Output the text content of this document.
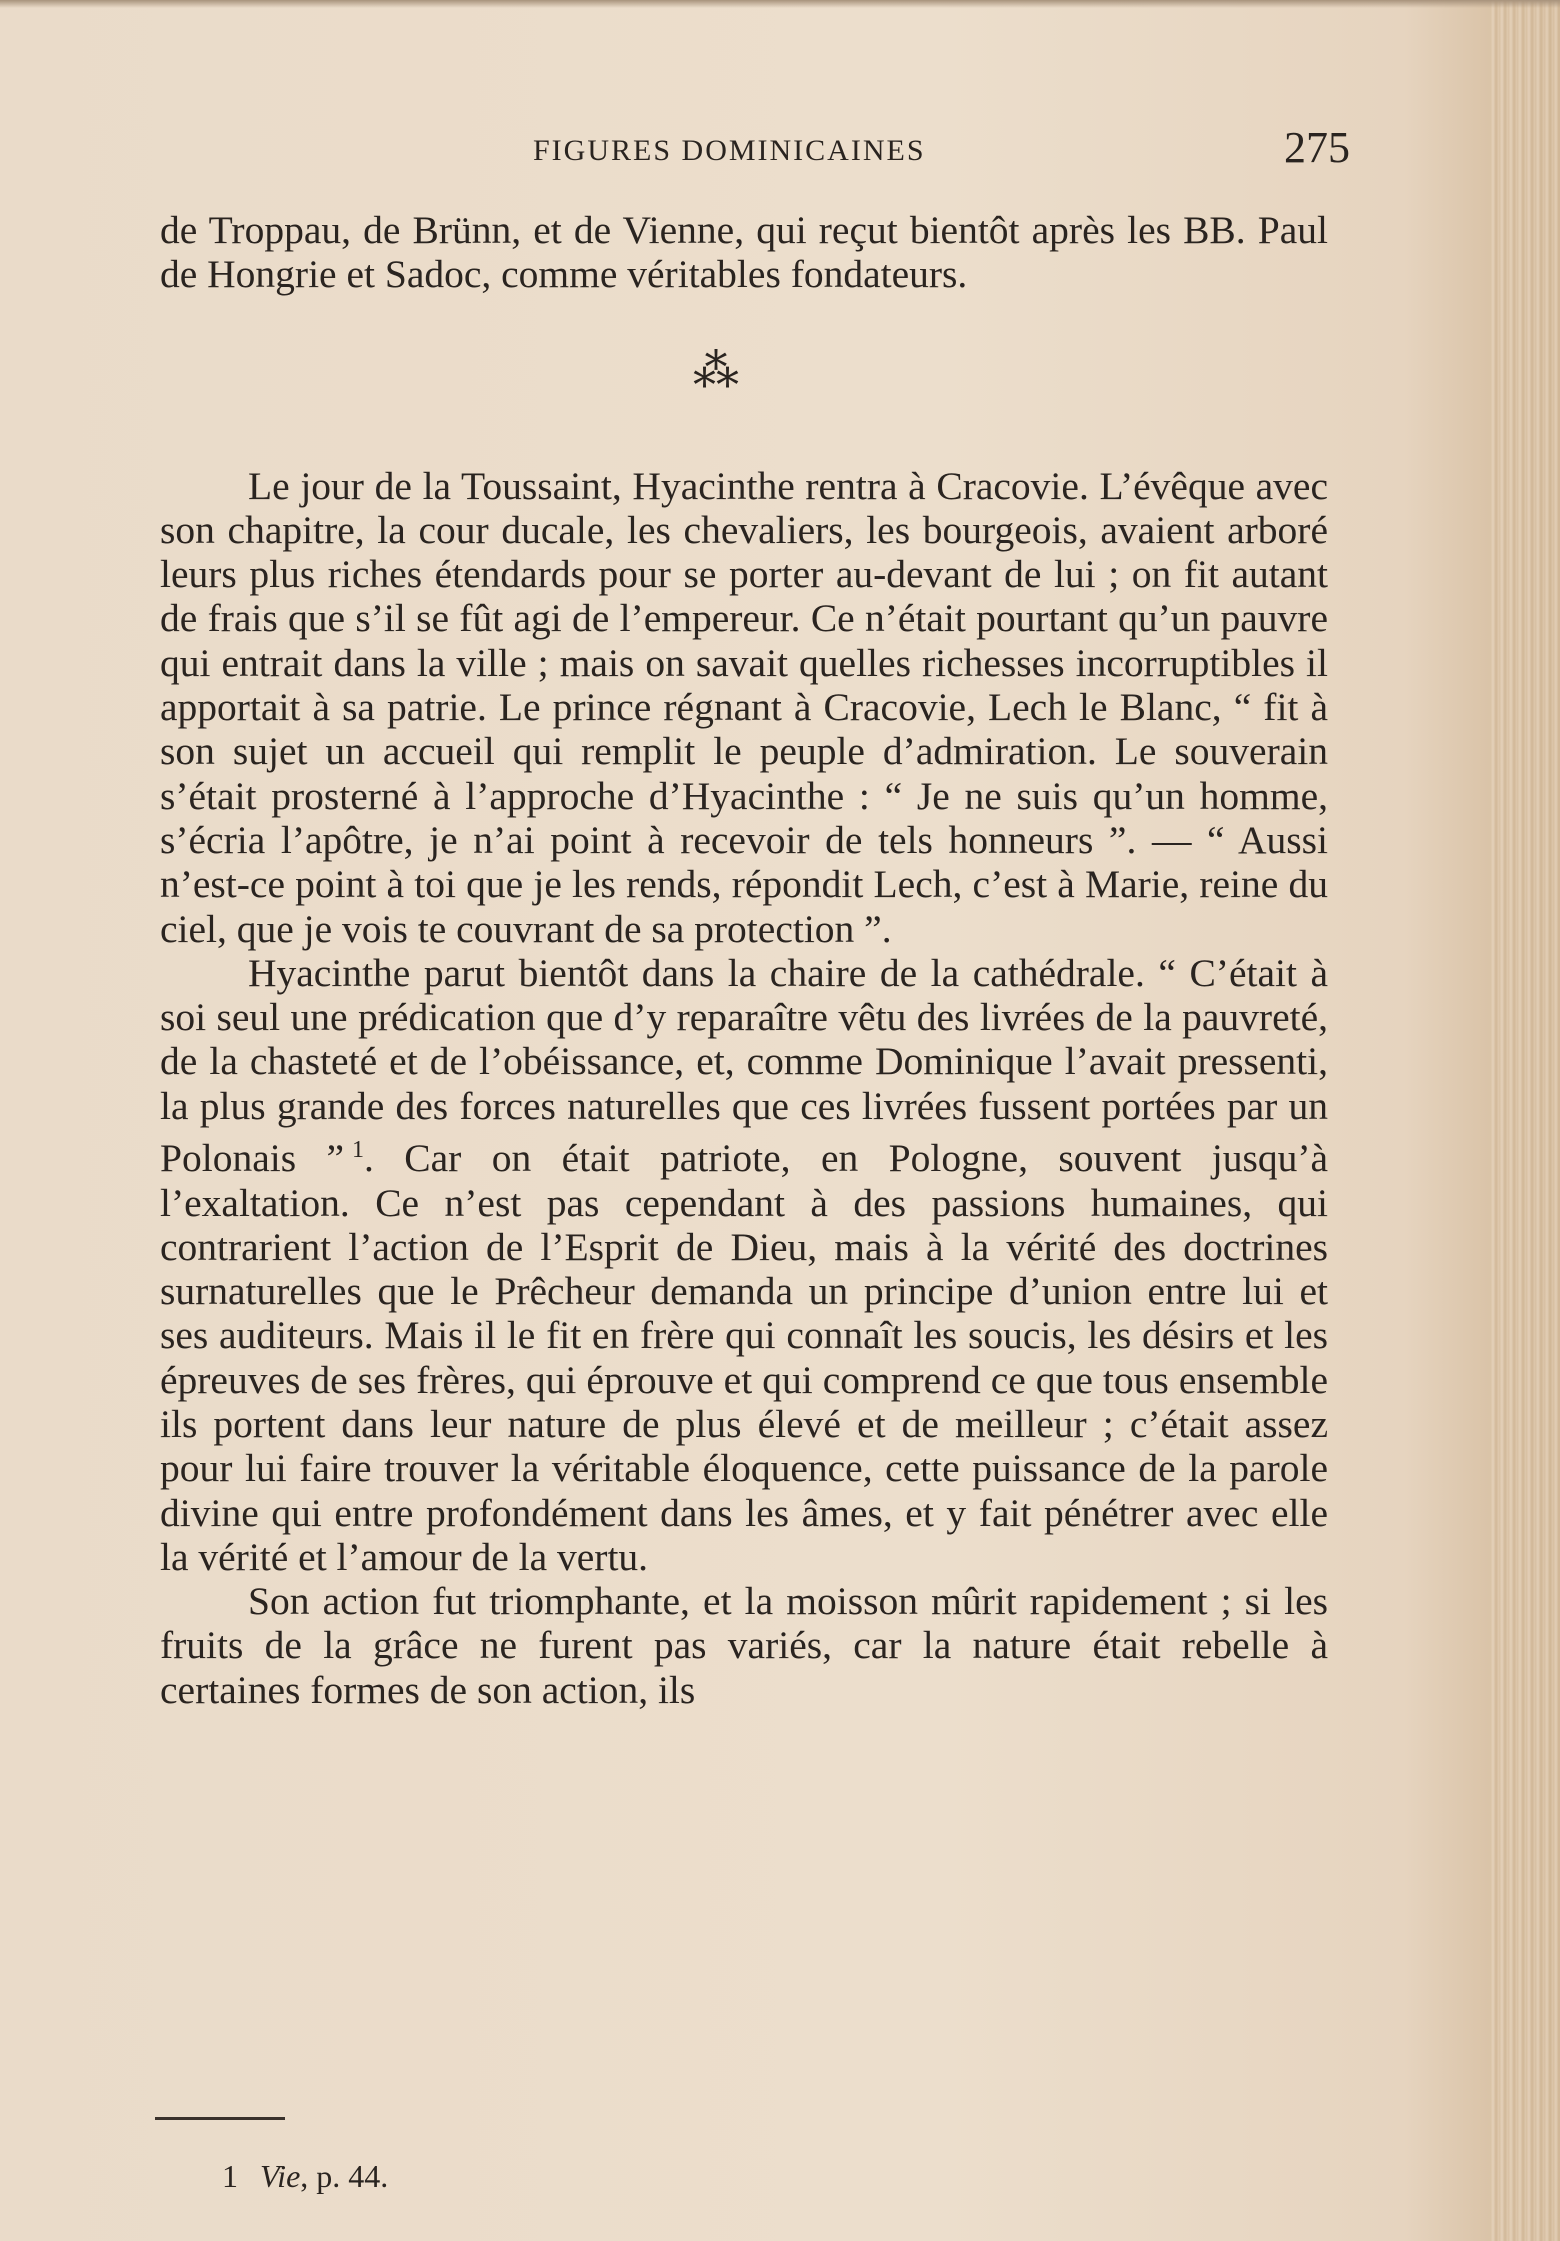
FIGURES DOMINICAINES	275

de Troppau, de Brünn, et de Vienne, qui reçut bientôt après les BB. Paul de Hongrie et Sadoc, comme véritables fondateurs.

⁂

Le jour de la Toussaint, Hyacinthe rentra à Cracovie. L’évêque avec son chapitre, la cour ducale, les chevaliers, les bourgeois, avaient arboré leurs plus riches étendards pour se porter au-devant de lui ; on fit autant de frais que s’il se fût agi de l’empereur. Ce n’était pourtant qu’un pauvre qui entrait dans la ville ; mais on savait quelles richesses incorruptibles il apportait à sa patrie. Le prince régnant à Cracovie, Lech le Blanc, “ fit à son sujet un accueil qui remplit le peuple d’admiration. Le souverain s’était prosterné à l’approche d’Hyacinthe : “ Je ne suis qu’un homme, s’écria l’apôtre, je n’ai point à recevoir de tels honneurs ”. — “ Aussi n’est-ce point à toi que je les rends, répondit Lech, c’est à Marie, reine du ciel, que je vois te couvrant de sa protection ”.

Hyacinthe parut bientôt dans la chaire de la cathédrale. “ C’était à soi seul une prédication que d’y reparaître vêtu des livrées de la pauvreté, de la chasteté et de l’obéissance, et, comme Dominique l’avait pressenti, la plus grande des forces naturelles que ces livrées fussent portées par un Polonais ”  $^1$. Car on était patriote, en Pologne, souvent jusqu’à l’exaltation. Ce n’est pas cependant à des passions humaines, qui contrarient l’action de l’Esprit de Dieu, mais à la vérité des doctrines surnaturelles que le Prêcheur demanda un principe d’union entre lui et ses auditeurs. Mais il le fit en frère qui connaît les soucis, les désirs et les épreuves de ses frères, qui éprouve et qui comprend ce que tous ensemble ils portent dans leur nature de plus élevé et de meilleur ; c’était assez pour lui faire trouver la véritable éloquence, cette puissance de la parole divine qui entre profondément dans les âmes, et y fait pénétrer avec elle la vérité et l’amour de la vertu.

Son action fut triomphante, et la moisson mûrit rapidement ; si les fruits de la grâce ne furent pas variés, car la nature était rebelle à certaines formes de son action, ils

1 Vie, p. 44.
